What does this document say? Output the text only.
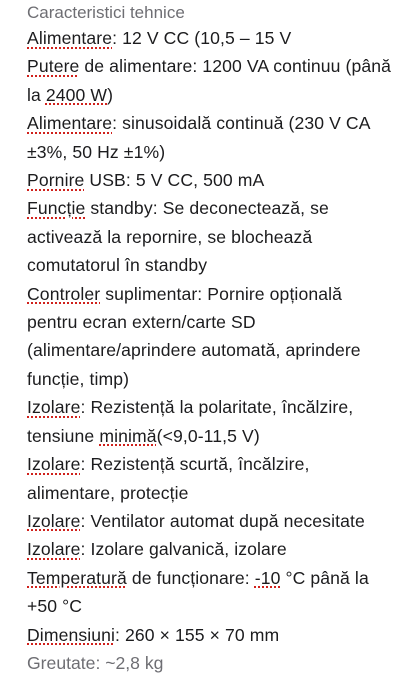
Caracteristici tehnice
Alimentare: 12 V CC (10,5 – 15 V
Putere de alimentare: 1200 VA continuu (până la 2400 W)
Alimentare: sinusoidală continuă (230 V CA ±3%, 50 Hz ±1%)
Pornire USB: 5 V CC, 500 mA
Funcție standby: Se deconectează, se activează la repornire, se blochează comutatorul în standby
Controler suplimentar: Pornire opțională pentru ecran extern/carte SD (alimentare/aprindere automată, aprindere funcție, timp)
Izolare: Rezistență la polaritate, încălzire, tensiune minimă(<9,0-11,5 V)
Izolare: Rezistență scurtă, încălzire, alimentare, protecție
Izolare: Ventilator automat după necesitate
Izolare: Izolare galvanică, izolare
Temperatură de funcționare: -10 °C până la +50 °C
Dimensiuni: 260 × 155 × 70 mm
Greutate: ~2,8 kg
